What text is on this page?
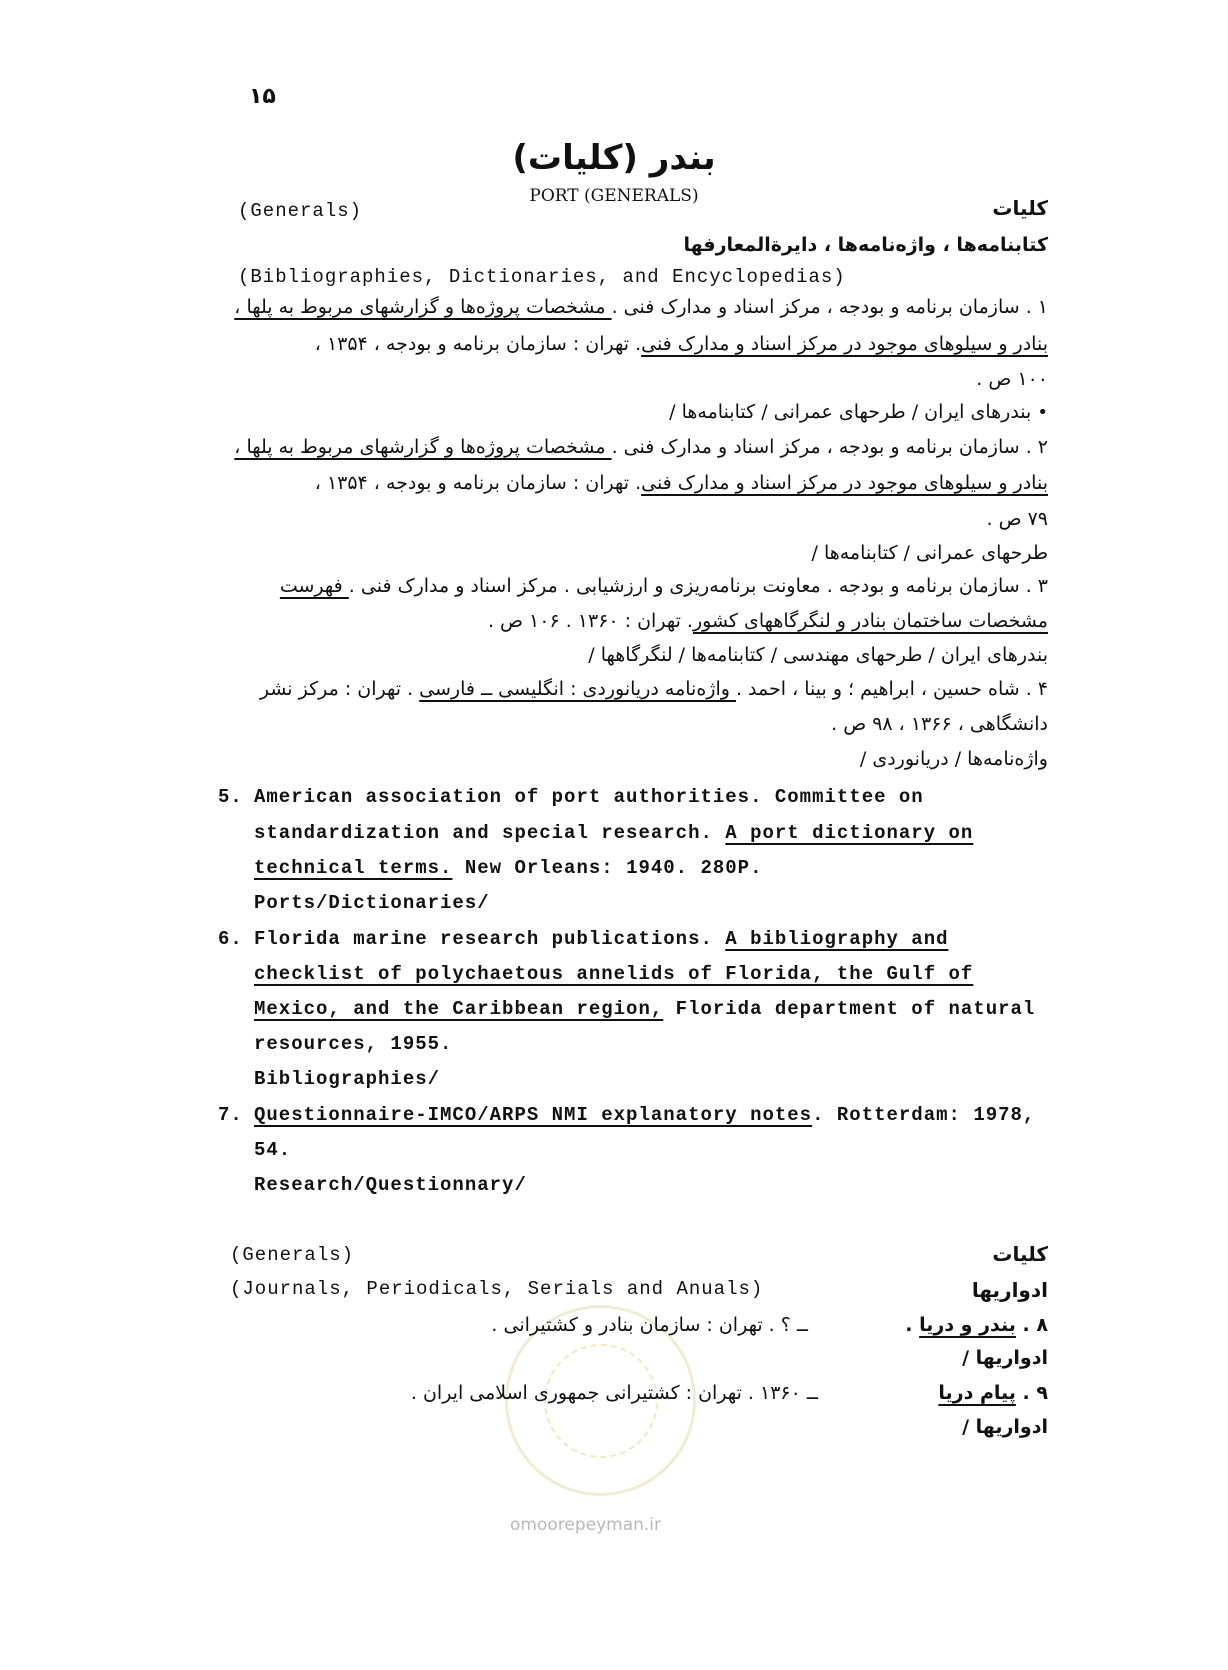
۱۵
بندر (کلیات)
PORT (GENERALS)	کلیات
(Generals)
کتابنامه‌ها ، واژه‌نامه‌ها ، دایرةالمعارفها
(Bibliographies, Dictionaries, and Encyclopedias)
۱ . سازمان برنامه و بودجه ، مرکز اسناد و مدارک فنی . مشخصات پروژه‌ها و گزارشهای مربوط به پلها ،
بنادر و سیلوهای موجود در مرکز اسناد و مدارک فنی. تهران : سازمان برنامه و بودجه ، ۱۳۵۴ ،
۱۰۰ ص .
• بندرهای ایران / طرحهای عمرانی / کتابنامه‌ها /
۲ . سازمان برنامه و بودجه ، مرکز اسناد و مدارک فنی . مشخصات پروژه‌ها و گزارشهای مربوط به پلها ،
بنادر و سیلوهای موجود در مرکز اسناد و مدارک فنی. تهران : سازمان برنامه و بودجه ، ۱۳۵۴ ،
۷۹ ص .
طرحهای عمرانی / کتابنامه‌ها /
۳ . سازمان برنامه و بودجه . معاونت برنامه‌ریزی و ارزشیابی . مرکز اسناد و مدارک فنی . فهرست
مشخصات ساختمان بنادر و لنگرگاههای کشور. تهران : ۱۳۶۰ . ۱۰۶ ص .
بندرهای ایران / طرحهای مهندسی / کتابنامه‌ها / لنگرگاهها /
۴ . شاه حسین ، ابراهیم ؛ و بینا ، احمد . واژه‌نامه دریانوردی : انگلیسی ــ فارسی . تهران : مرکز نشر
دانشگاهی ، ۱۳۶۶ ، ۹۸ ص .
واژه‌نامه‌ها / دریانوردی /
5. American association of port authorities. Committee on
standardization and special research. A port dictionary on
technical terms. New Orleans: 1940. 280P.
Ports/Dictionaries/
6. Florida marine research publications. A bibliography and
checklist of polychaetous annelids of Florida, the Gulf of
Mexico, and the Caribbean region, Florida department of natural
resources, 1955.
Bibliographies/
7. Questionnaire-IMCO/ARPS NMI explanatory notes. Rotterdam: 1978,
54.
Research/Questionnary/
کلیات
(Generals)
ادواریها
(Journals, Periodicals, Serials and Anuals)
۸ . بندر و دریا .
ــ ؟ . تهران : سازمان بنادر و کشتیرانی .
ادواریها /
۹ . پیام دریا
ــ ۱۳۶۰ . تهران : کشتیرانی جمهوری اسلامی ایران .
ادواریها /
omoorepeyman.ir
